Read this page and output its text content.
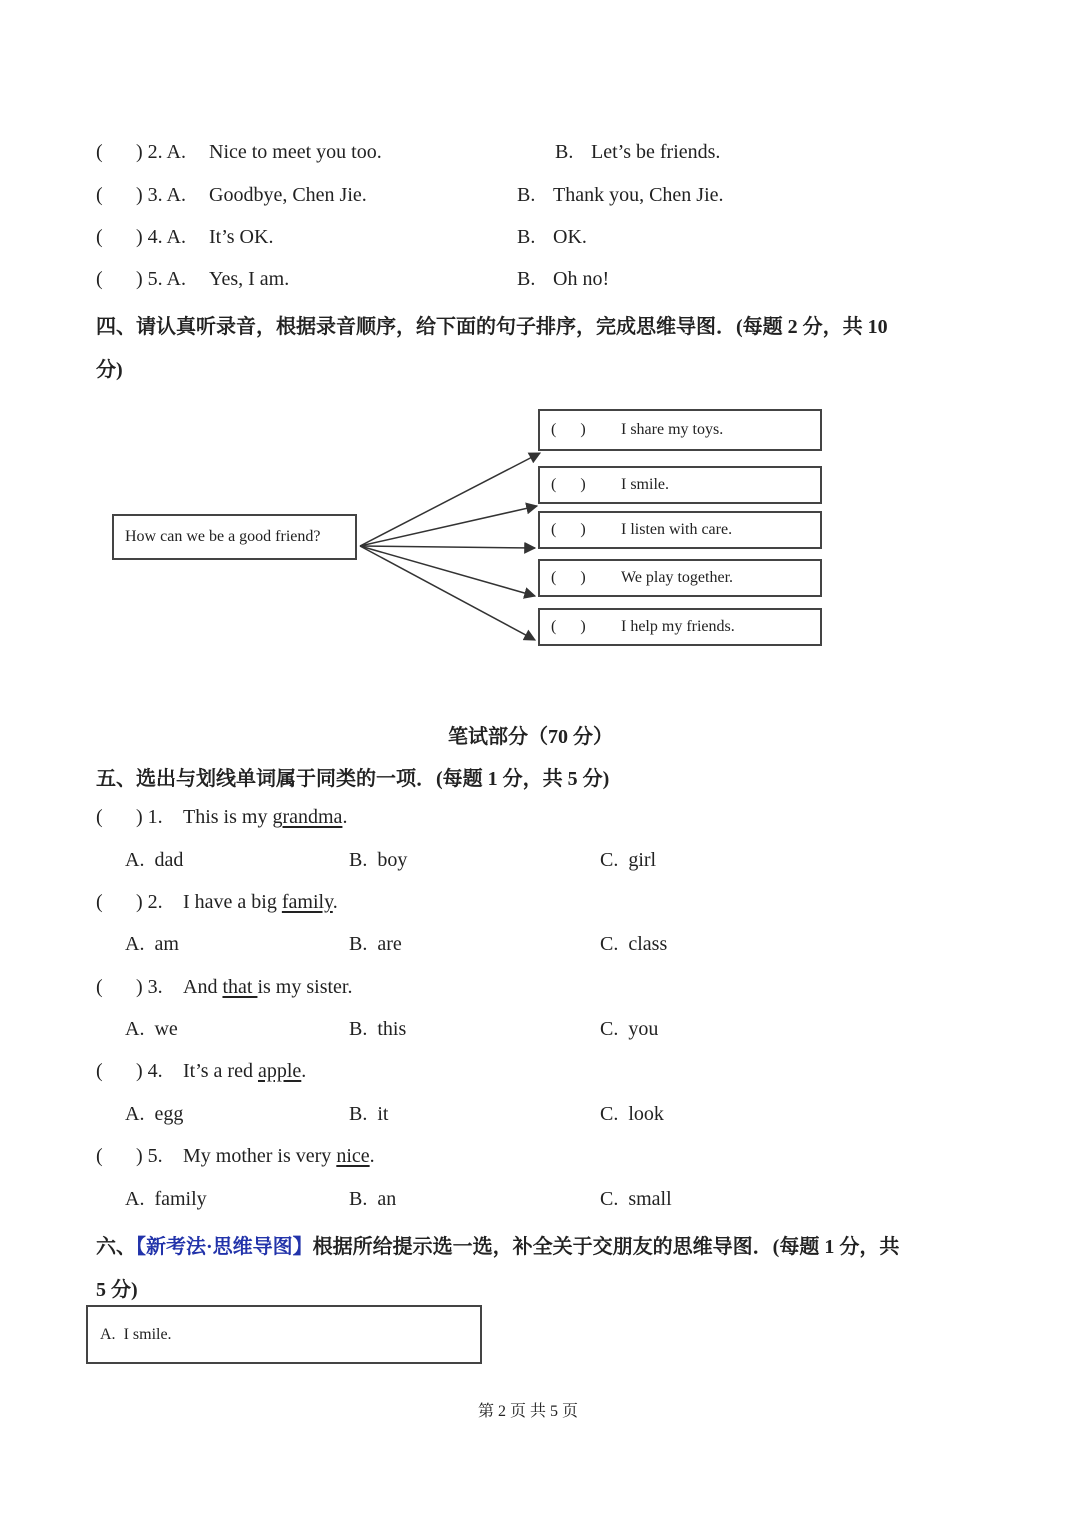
( ) 2. A. Nice to meet you too.	B. Let’s be friends.
( ) 3. A. Goodbye, Chen Jie.	B. Thank you, Chen Jie.
( ) 4. A. It’s OK.	B. OK.
( ) 5. A. Yes, I am.	B. Oh no!
四、请认真听录音，根据录音顺序，给下面的句子排序，完成思维导图．(每题 2 分，共 10
分)
How can we be a good friend?
(      ) I share my toys.
(      ) I smile.
(      ) I listen with care.
(      ) We play together.
(      ) I help my friends.
笔试部分（70 分）
五、选出与划线单词属于同类的一项．(每题 1 分，共 5 分)
( ) 1. This is my grandma.
A.  dad	B.  boy	C.  girl
( ) 2. I have a big family.
A.  am	B.  are	C.  class
( ) 3. And that is my sister.
A.  we	B.  this	C.  you
( ) 4. It’s a red apple.
A.  egg	B.  it	C.  look
( ) 5. My mother is very nice.
A.  family	B.  an	C.  small
六、【新考法·思维导图】根据所给提示选一选，补全关于交朋友的思维导图．(每题 1 分，共
5 分)
A. I smile.
第 2 页 共 5 页
